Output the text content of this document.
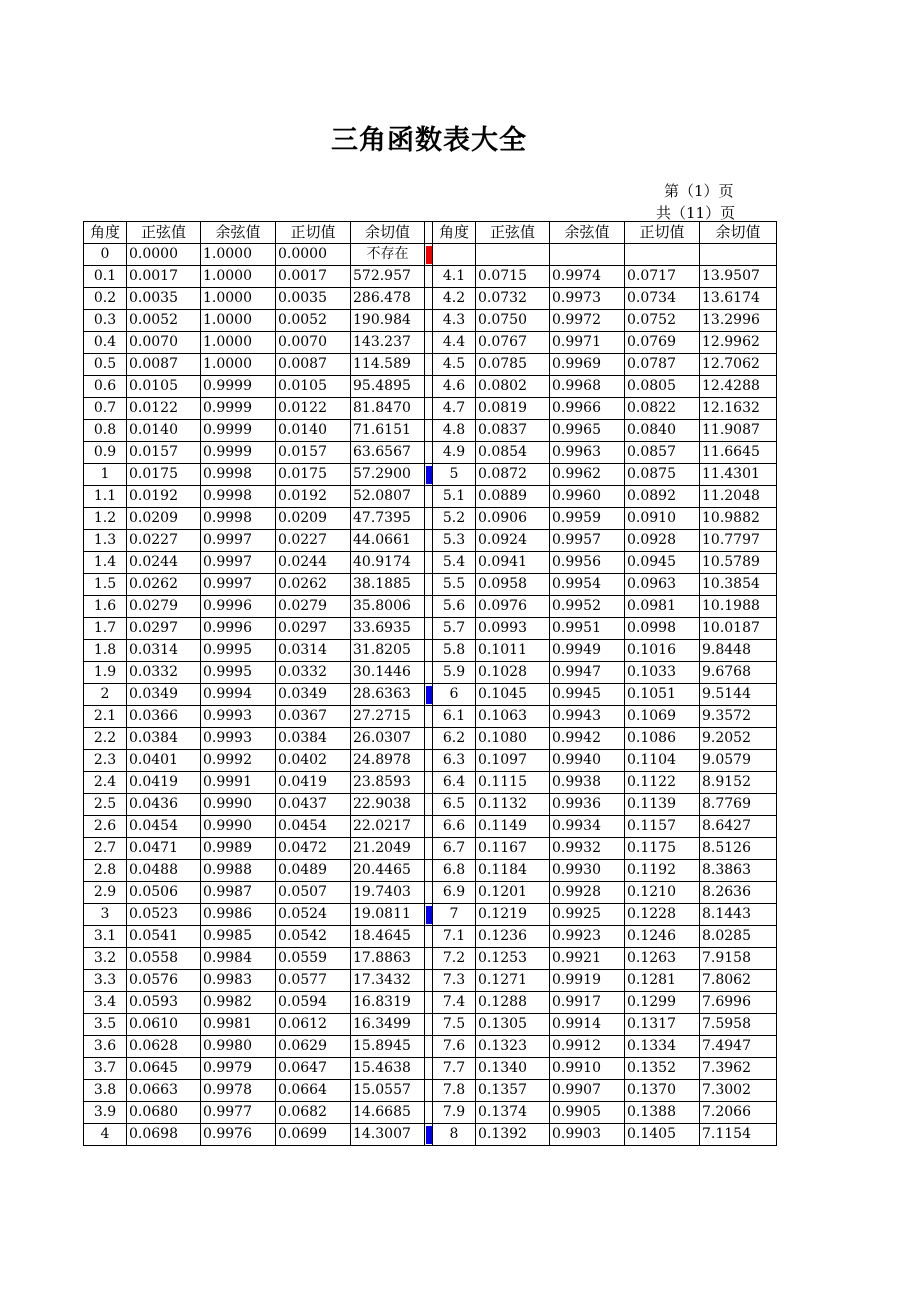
三角函数表大全
第（1）页
共（11）页
角度	正弦值	余弦值	正切值	余切值		角度	正弦值	余弦值	正切值	余切值
0	0.0000	1.0000	0.0000	不存在	

0.1	0.0017	1.0000	0.0017	572.957		4.1	0.0715	0.9974	0.0717	13.9507
0.2	0.0035	1.0000	0.0035	286.478		4.2	0.0732	0.9973	0.0734	13.6174
0.3	0.0052	1.0000	0.0052	190.984		4.3	0.0750	0.9972	0.0752	13.2996
0.4	0.0070	1.0000	0.0070	143.237		4.4	0.0767	0.9971	0.0769	12.9962
0.5	0.0087	1.0000	0.0087	114.589		4.5	0.0785	0.9969	0.0787	12.7062
0.6	0.0105	0.9999	0.0105	95.4895		4.6	0.0802	0.9968	0.0805	12.4288
0.7	0.0122	0.9999	0.0122	81.8470		4.7	0.0819	0.9966	0.0822	12.1632
0.8	0.0140	0.9999	0.0140	71.6151		4.8	0.0837	0.9965	0.0840	11.9087
0.9	0.0157	0.9999	0.0157	63.6567		4.9	0.0854	0.9963	0.0857	11.6645
1	0.0175	0.9998	0.0175	57.2900		5	0.0872	0.9962	0.0875	11.4301
1.1	0.0192	0.9998	0.0192	52.0807		5.1	0.0889	0.9960	0.0892	11.2048
1.2	0.0209	0.9998	0.0209	47.7395		5.2	0.0906	0.9959	0.0910	10.9882
1.3	0.0227	0.9997	0.0227	44.0661		5.3	0.0924	0.9957	0.0928	10.7797
1.4	0.0244	0.9997	0.0244	40.9174		5.4	0.0941	0.9956	0.0945	10.5789
1.5	0.0262	0.9997	0.0262	38.1885		5.5	0.0958	0.9954	0.0963	10.3854
1.6	0.0279	0.9996	0.0279	35.8006		5.6	0.0976	0.9952	0.0981	10.1988
1.7	0.0297	0.9996	0.0297	33.6935		5.7	0.0993	0.9951	0.0998	10.0187
1.8	0.0314	0.9995	0.0314	31.8205		5.8	0.1011	0.9949	0.1016	9.8448
1.9	0.0332	0.9995	0.0332	30.1446		5.9	0.1028	0.9947	0.1033	9.6768
2	0.0349	0.9994	0.0349	28.6363		6	0.1045	0.9945	0.1051	9.5144
2.1	0.0366	0.9993	0.0367	27.2715		6.1	0.1063	0.9943	0.1069	9.3572
2.2	0.0384	0.9993	0.0384	26.0307		6.2	0.1080	0.9942	0.1086	9.2052
2.3	0.0401	0.9992	0.0402	24.8978		6.3	0.1097	0.9940	0.1104	9.0579
2.4	0.0419	0.9991	0.0419	23.8593		6.4	0.1115	0.9938	0.1122	8.9152
2.5	0.0436	0.9990	0.0437	22.9038		6.5	0.1132	0.9936	0.1139	8.7769
2.6	0.0454	0.9990	0.0454	22.0217		6.6	0.1149	0.9934	0.1157	8.6427
2.7	0.0471	0.9989	0.0472	21.2049		6.7	0.1167	0.9932	0.1175	8.5126
2.8	0.0488	0.9988	0.0489	20.4465		6.8	0.1184	0.9930	0.1192	8.3863
2.9	0.0506	0.9987	0.0507	19.7403		6.9	0.1201	0.9928	0.1210	8.2636
3	0.0523	0.9986	0.0524	19.0811		7	0.1219	0.9925	0.1228	8.1443
3.1	0.0541	0.9985	0.0542	18.4645		7.1	0.1236	0.9923	0.1246	8.0285
3.2	0.0558	0.9984	0.0559	17.8863		7.2	0.1253	0.9921	0.1263	7.9158
3.3	0.0576	0.9983	0.0577	17.3432		7.3	0.1271	0.9919	0.1281	7.8062
3.4	0.0593	0.9982	0.0594	16.8319		7.4	0.1288	0.9917	0.1299	7.6996
3.5	0.0610	0.9981	0.0612	16.3499		7.5	0.1305	0.9914	0.1317	7.5958
3.6	0.0628	0.9980	0.0629	15.8945		7.6	0.1323	0.9912	0.1334	7.4947
3.7	0.0645	0.9979	0.0647	15.4638		7.7	0.1340	0.9910	0.1352	7.3962
3.8	0.0663	0.9978	0.0664	15.0557		7.8	0.1357	0.9907	0.1370	7.3002
3.9	0.0680	0.9977	0.0682	14.6685		7.9	0.1374	0.9905	0.1388	7.2066
4	0.0698	0.9976	0.0699	14.3007		8	0.1392	0.9903	0.1405	7.1154
